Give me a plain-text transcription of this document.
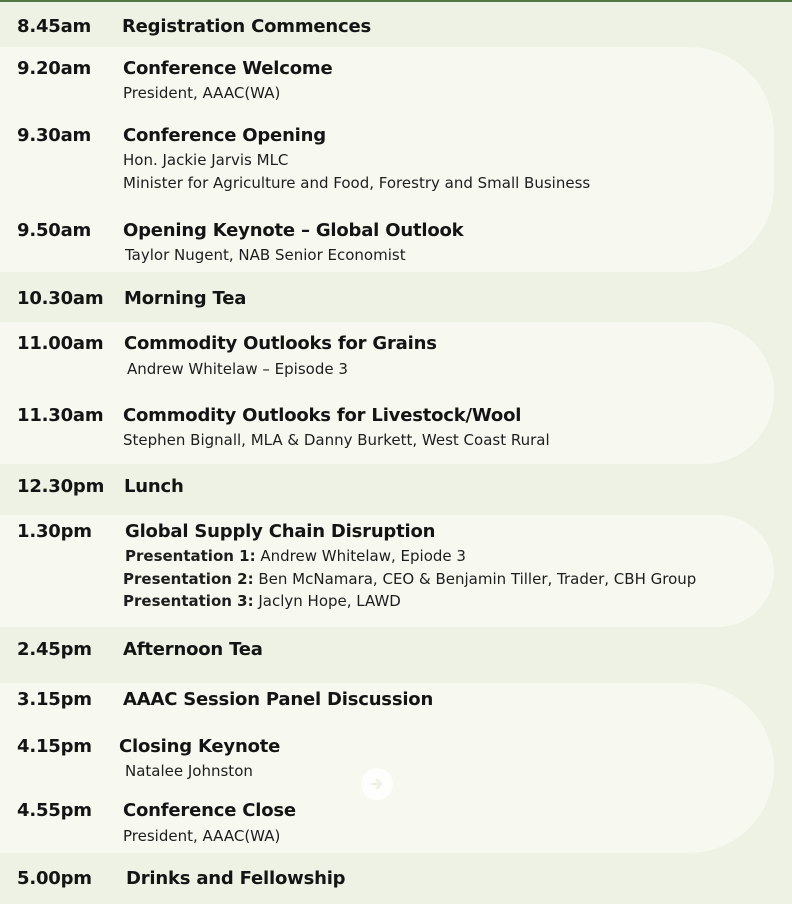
8.45am Registration Commences

9.20am Conference Welcome

President, AAAC(WA)

9.30am Conference Opening

Hon. Jackie Jarvis MLC

Minister for Agriculture and Food, Forestry and Small Business

9.50am Opening Keynote – Global Outlook

Taylor Nugent, NAB Senior Economist

10.30am Morning Tea

11.00am Commodity Outlooks for Grains

Andrew Whitelaw – Episode 3

11.30am Commodity Outlooks for Livestock/Wool

Stephen Bignall, MLA & Danny Burkett, West Coast Rural

12.30pm Lunch

1.30pm Global Supply Chain Disruption

Presentation 1: Andrew Whitelaw, Epiode 3

Presentation 2: Ben McNamara, CEO & Benjamin Tiller, Trader, CBH Group

Presentation 3: Jaclyn Hope, LAWD

2.45pm Afternoon Tea

3.15pm AAAC Session Panel Discussion

4.15pm Closing Keynote

Natalee Johnston

4.55pm Conference Close

President, AAAC(WA)

5.00pm Drinks and Fellowship
